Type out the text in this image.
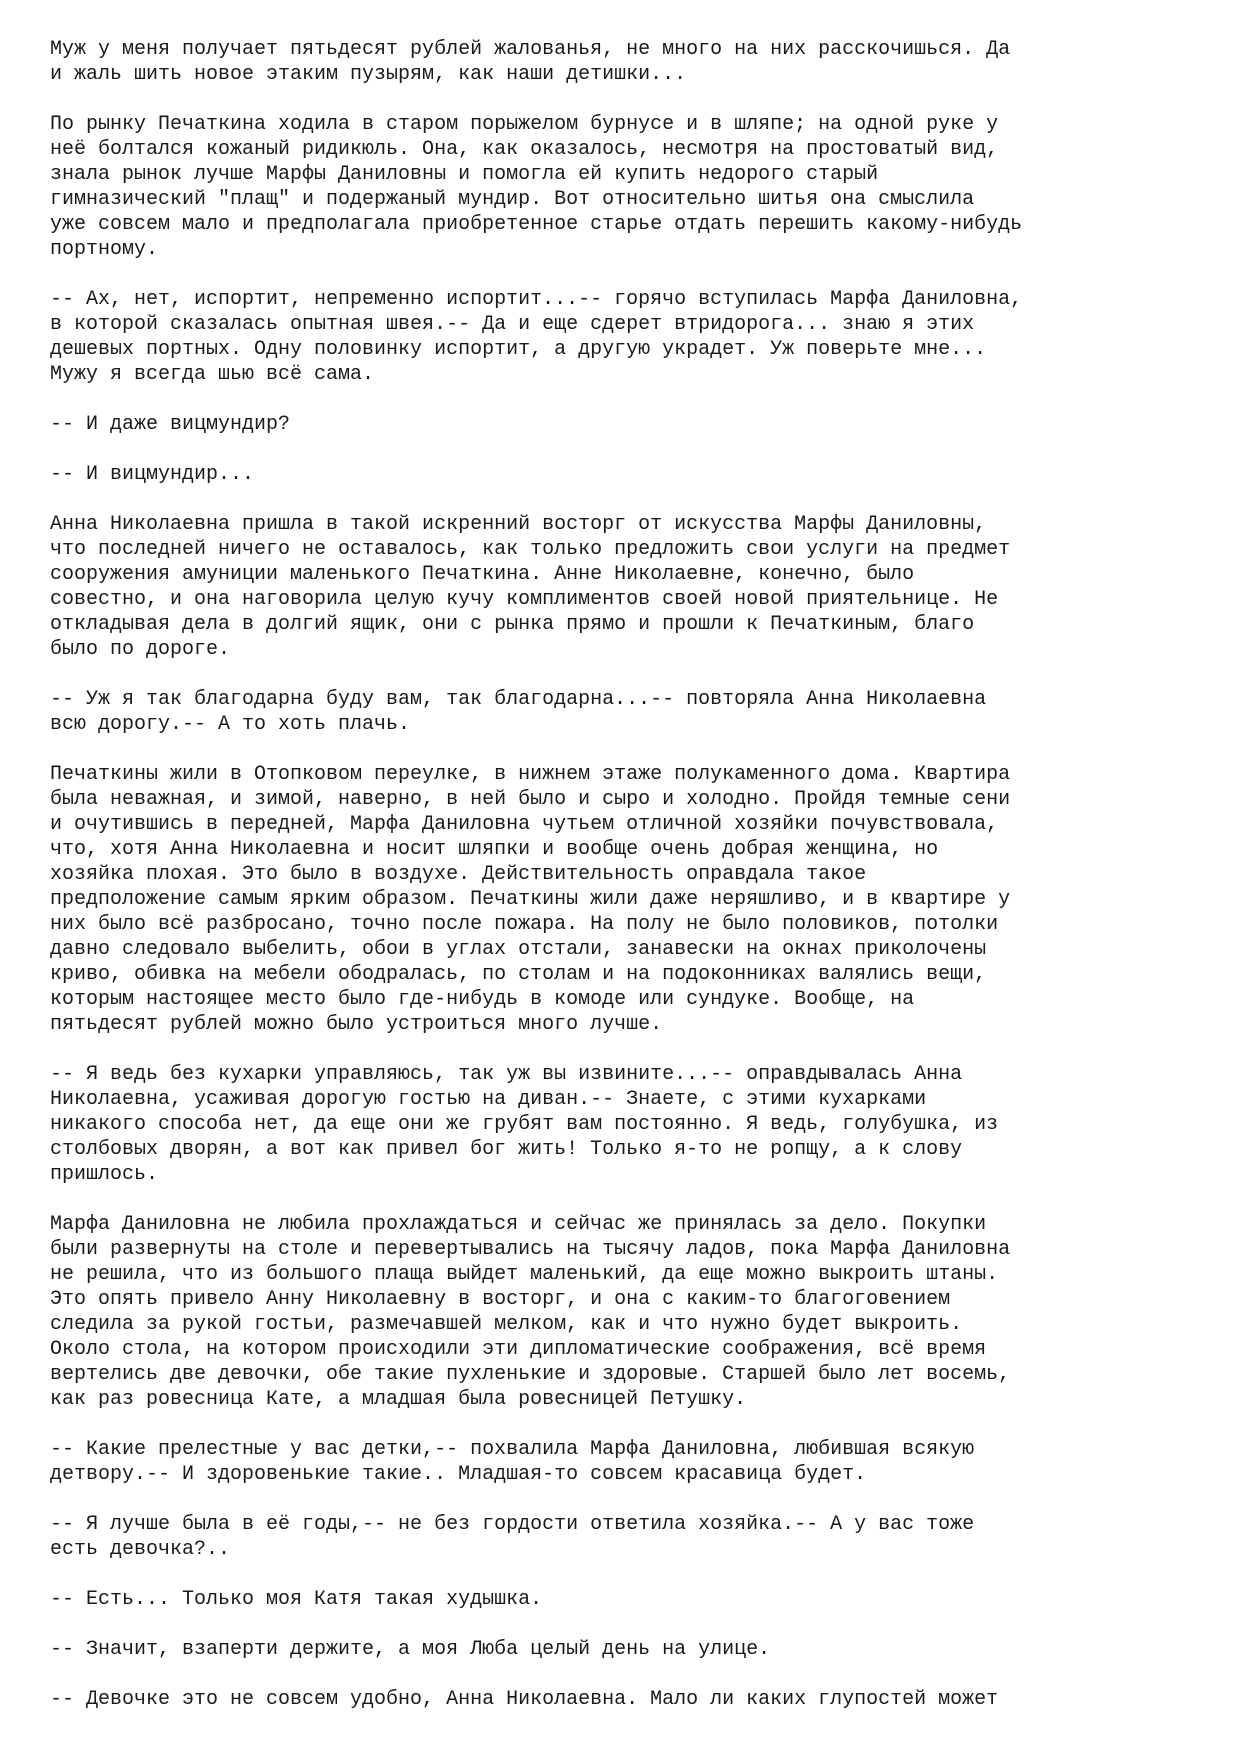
Муж у меня получает пятьдесят рублей жалованья, не много на них расскочишься. Да
и жаль шить новое этаким пузырям, как наши детишки...
По рынку Печаткина ходила в старом порыжелом бурнусе и в шляпе; на одной руке у
неё болтался кожаный ридикюль. Она, как оказалось, несмотря на простоватый вид,
знала рынок лучше Марфы Даниловны и помогла ей купить недорого старый
гимназический "плащ" и подержаный мундир. Вот относительно шитья она смыслила
уже совсем мало и предполагала приобретенное старье отдать перешить какому-нибудь
портному.
-- Ах, нет, испортит, непременно испортит...-- горячо вступилась Марфа Даниловна,
в которой сказалась опытная швея.-- Да и еще сдерет втридорога... знаю я этих
дешевых портных. Одну половинку испортит, а другую украдет. Уж поверьте мне...
Мужу я всегда шью всё сама.
-- И даже вицмундир?
-- И вицмундир...
Анна Николаевна пришла в такой искренний восторг от искусства Марфы Даниловны,
что последней ничего не оставалось, как только предложить свои услуги на предмет
сооружения амуниции маленького Печаткина. Анне Николаевне, конечно, было
совестно, и она наговорила целую кучу комплиментов своей новой приятельнице. Не
откладывая дела в долгий ящик, они с рынка прямо и прошли к Печаткиным, благо
было по дороге.
-- Уж я так благодарна буду вам, так благодарна...-- повторяла Анна Николаевна
всю дорогу.-- А то хоть плачь.
Печаткины жили в Отопковом переулке, в нижнем этаже полукаменного дома. Квартира
была неважная, и зимой, наверно, в ней было и сыро и холодно. Пройдя темные сени
и очутившись в передней, Марфа Даниловна чутьем отличной хозяйки почувствовала,
что, хотя Анна Николаевна и носит шляпки и вообще очень добрая женщина, но
хозяйка плохая. Это было в воздухе. Действительность оправдала такое
предположение самым ярким образом. Печаткины жили даже неряшливо, и в квартире у
них было всё разбросано, точно после пожара. На полу не было половиков, потолки
давно следовало выбелить, обои в углах отстали, занавески на окнах приколочены
криво, обивка на мебели ободралась, по столам и на подоконниках валялись вещи,
которым настоящее место было где-нибудь в комоде или сундуке. Вообще, на
пятьдесят рублей можно было устроиться много лучше.
-- Я ведь без кухарки управляюсь, так уж вы извините...-- оправдывалась Анна
Николаевна, усаживая дорогую гостью на диван.-- Знаете, с этими кухарками
никакого способа нет, да еще они же грубят вам постоянно. Я ведь, голубушка, из
столбовых дворян, а вот как привел бог жить! Только я-то не ропщу, а к слову
пришлось.
Марфа Даниловна не любила прохлаждаться и сейчас же принялась за дело. Покупки
были развернуты на столе и перевертывались на тысячу ладов, пока Марфа Даниловна
не решила, что из большого плаща выйдет маленький, да еще можно выкроить штаны.
Это опять привело Анну Николаевну в восторг, и она с каким-то благоговением
следила за рукой гостьи, размечавшей мелком, как и что нужно будет выкроить.
Около стола, на котором происходили эти дипломатические соображения, всё время
вертелись две девочки, обе такие пухленькие и здоровые. Старшей было лет восемь,
как раз ровесница Кате, а младшая была ровесницей Петушку.
-- Какие прелестные у вас детки,-- похвалила Марфа Даниловна, любившая всякую
детвору.-- И здоровенькие такие.. Младшая-то совсем красавица будет.
-- Я лучше была в её годы,-- не без гордости ответила хозяйка.-- А у вас тоже
есть девочка?..
-- Есть... Только моя Катя такая худышка.
-- Значит, взаперти держите, а моя Люба целый день на улице.
-- Девочке это не совсем удобно, Анна Николаевна. Мало ли каких глупостей может
